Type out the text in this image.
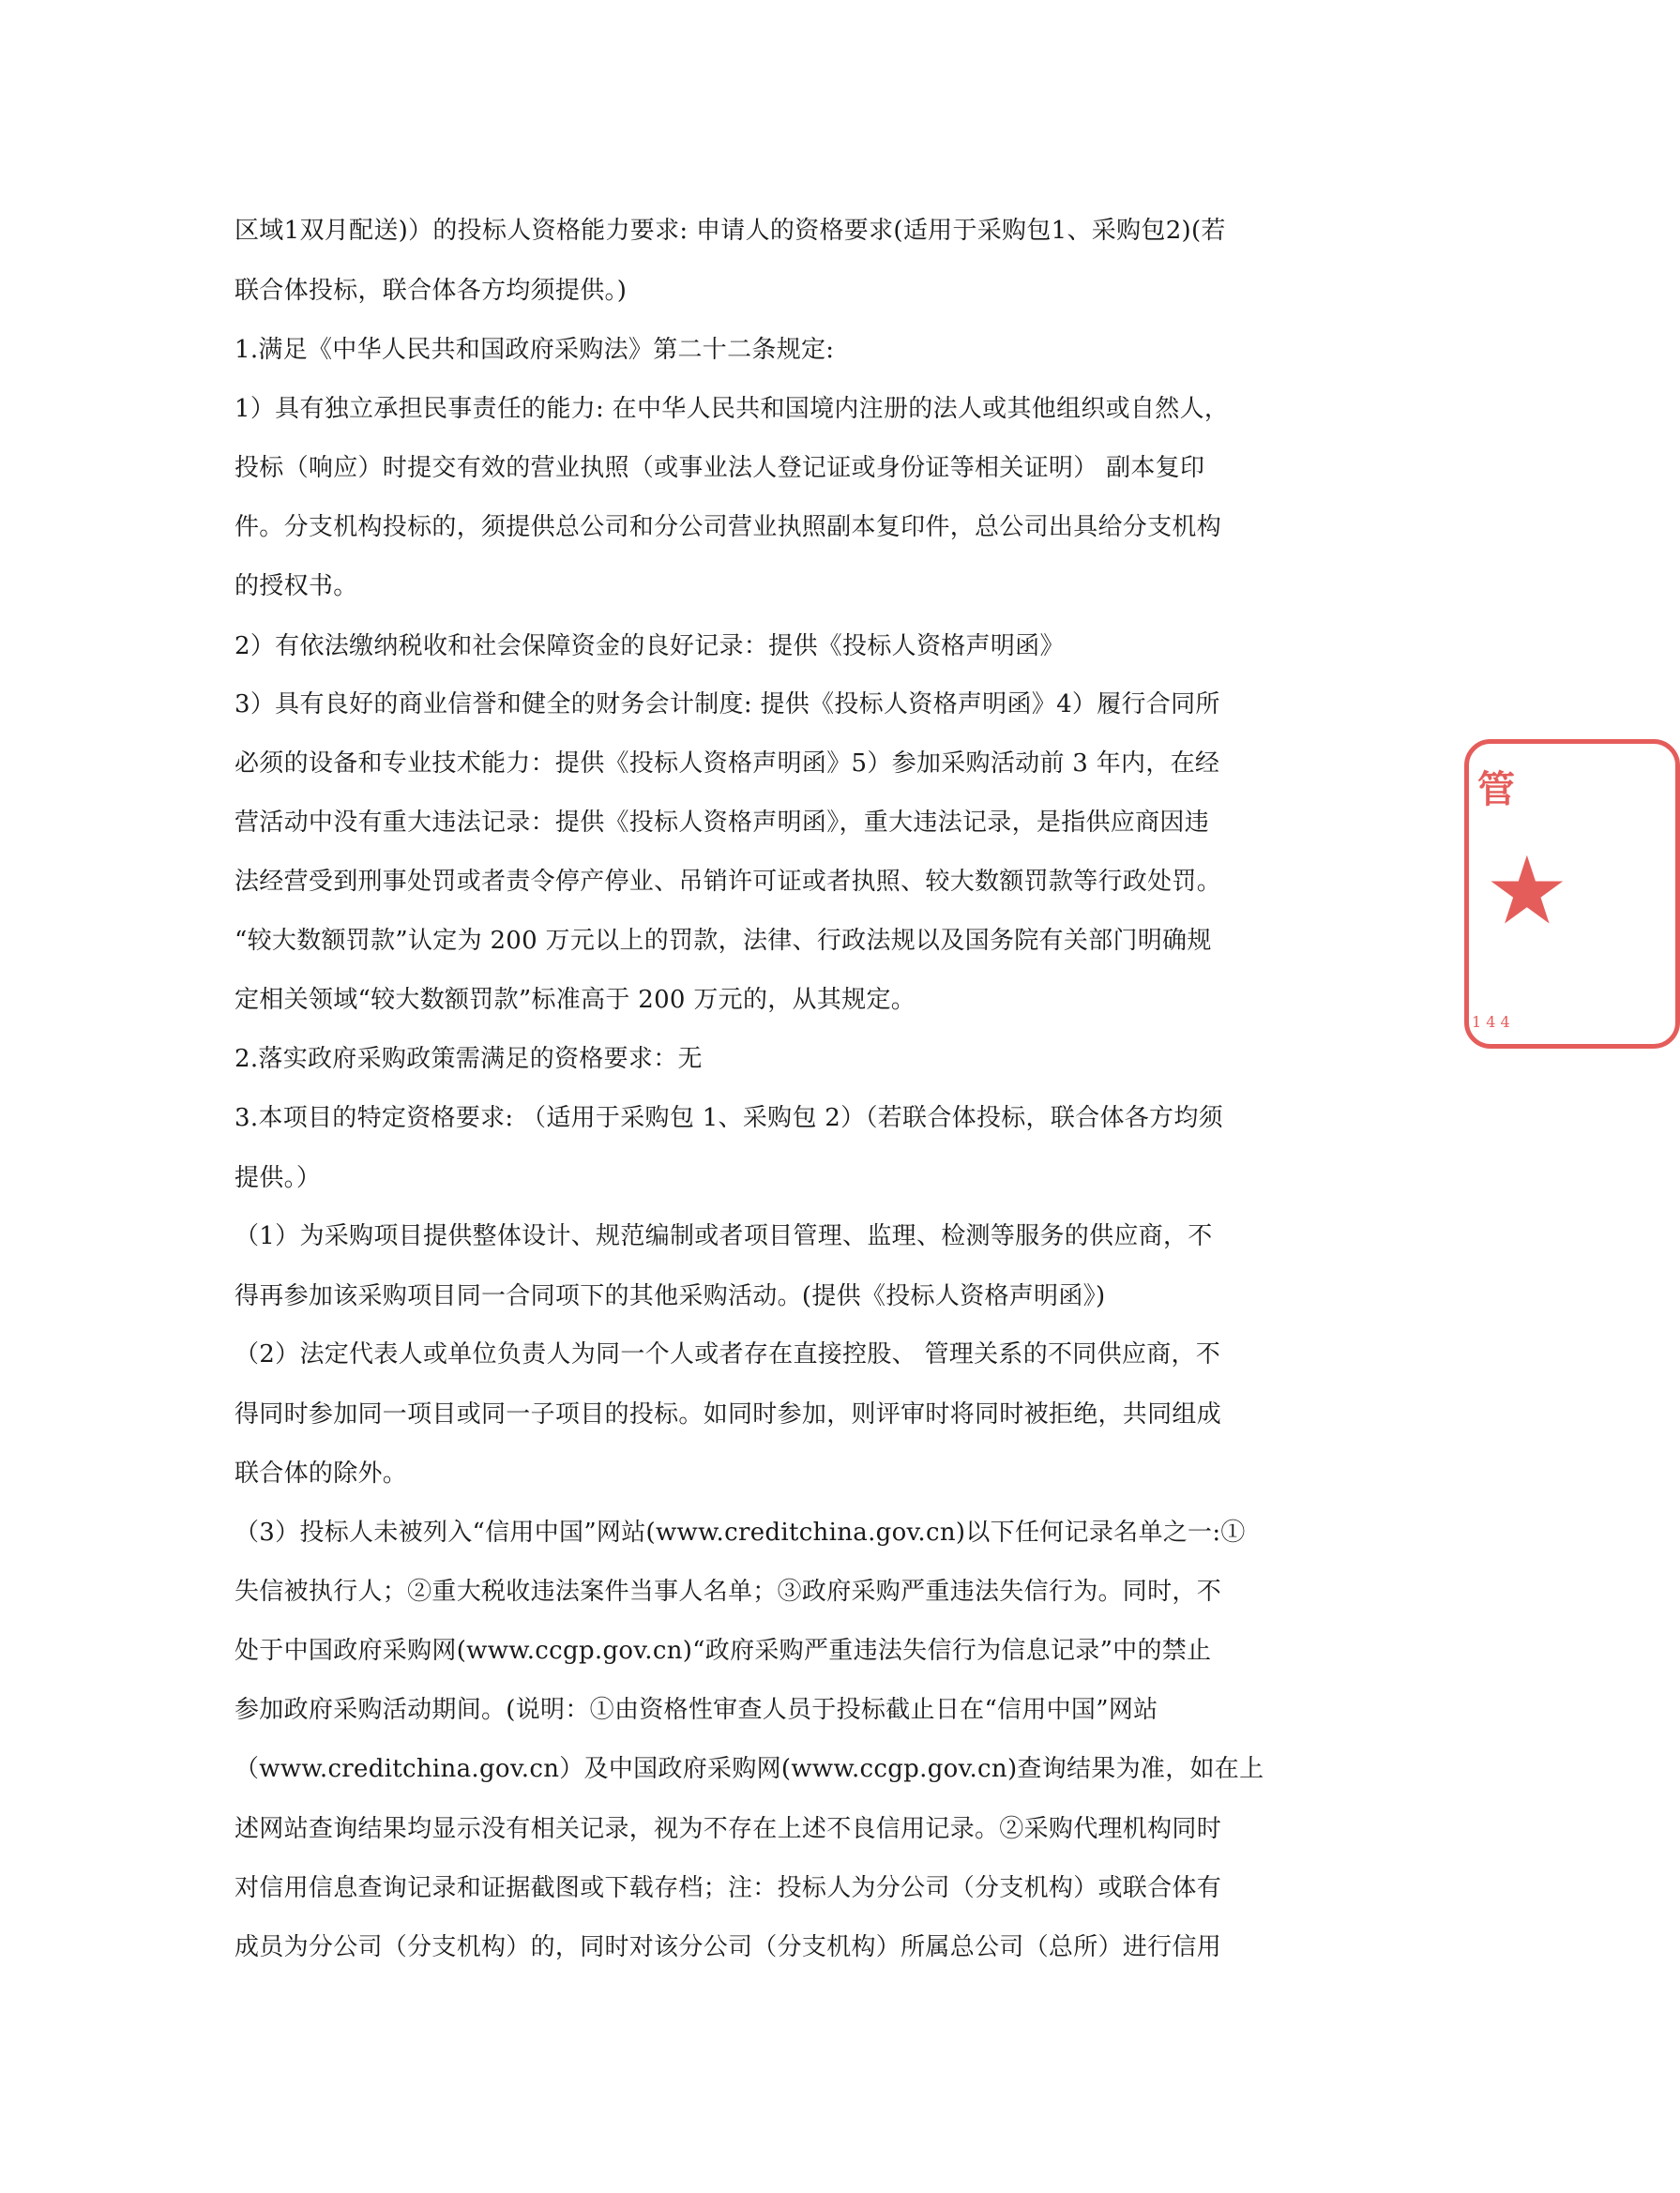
区域1双月配送)）的投标人资格能力要求: 申请人的资格要求(适用于采购包1、采购包2)(若
联合体投标，联合体各方均须提供。)
1.满足《中华人民共和国政府采购法》第二十二条规定:
1）具有独立承担民事责任的能力: 在中华人民共和国境内注册的法人或其他组织或自然人，
投标（响应）时提交有效的营业执照（或事业法人登记证或身份证等相关证明） 副本复印
件。分支机构投标的，须提供总公司和分公司营业执照副本复印件，总公司出具给分支机构
的授权书。
2）有依法缴纳税收和社会保障资金的良好记录：提供《投标人资格声明函》
3）具有良好的商业信誉和健全的财务会计制度: 提供《投标人资格声明函》4）履行合同所
必须的设备和专业技术能力：提供《投标人资格声明函》5）参加采购活动前 3 年内，在经
营活动中没有重大违法记录：提供《投标人资格声明函》，重大违法记录，是指供应商因违
法经营受到刑事处罚或者责令停产停业、吊销许可证或者执照、较大数额罚款等行政处罚。
“较大数额罚款”认定为 200 万元以上的罚款，法律、行政法规以及国务院有关部门明确规
定相关领域“较大数额罚款”标准高于 200 万元的，从其规定。
2.落实政府采购政策需满足的资格要求：无
3.本项目的特定资格要求: （适用于采购包 1、采购包 2）（若联合体投标，联合体各方均须
提供。）
（1）为采购项目提供整体设计、规范编制或者项目管理、监理、检测等服务的供应商，不
得再参加该采购项目同一合同项下的其他采购活动。(提供《投标人资格声明函》)
（2）法定代表人或单位负责人为同一个人或者存在直接控股、 管理关系的不同供应商，不
得同时参加同一项目或同一子项目的投标。如同时参加，则评审时将同时被拒绝，共同组成
联合体的除外。
（3）投标人未被列入“信用中国”网站(www.creditchina.gov.cn)以下任何记录名单之一:①
失信被执行人；②重大税收违法案件当事人名单；③政府采购严重违法失信行为。同时，不
处于中国政府采购网(www.ccgp.gov.cn)“政府采购严重违法失信行为信息记录”中的禁止
参加政府采购活动期间。(说明：①由资格性审查人员于投标截止日在“信用中国”网站
（www.creditchina.gov.cn）及中国政府采购网(www.ccgp.gov.cn)查询结果为准，如在上
述网站查询结果均显示没有相关记录，视为不存在上述不良信用记录。②采购代理机构同时
对信用信息查询记录和证据截图或下载存档；注：投标人为分公司（分支机构）或联合体有
成员为分公司（分支机构）的，同时对该分公司（分支机构）所属总公司（总所）进行信用
管
★
1 4 4
